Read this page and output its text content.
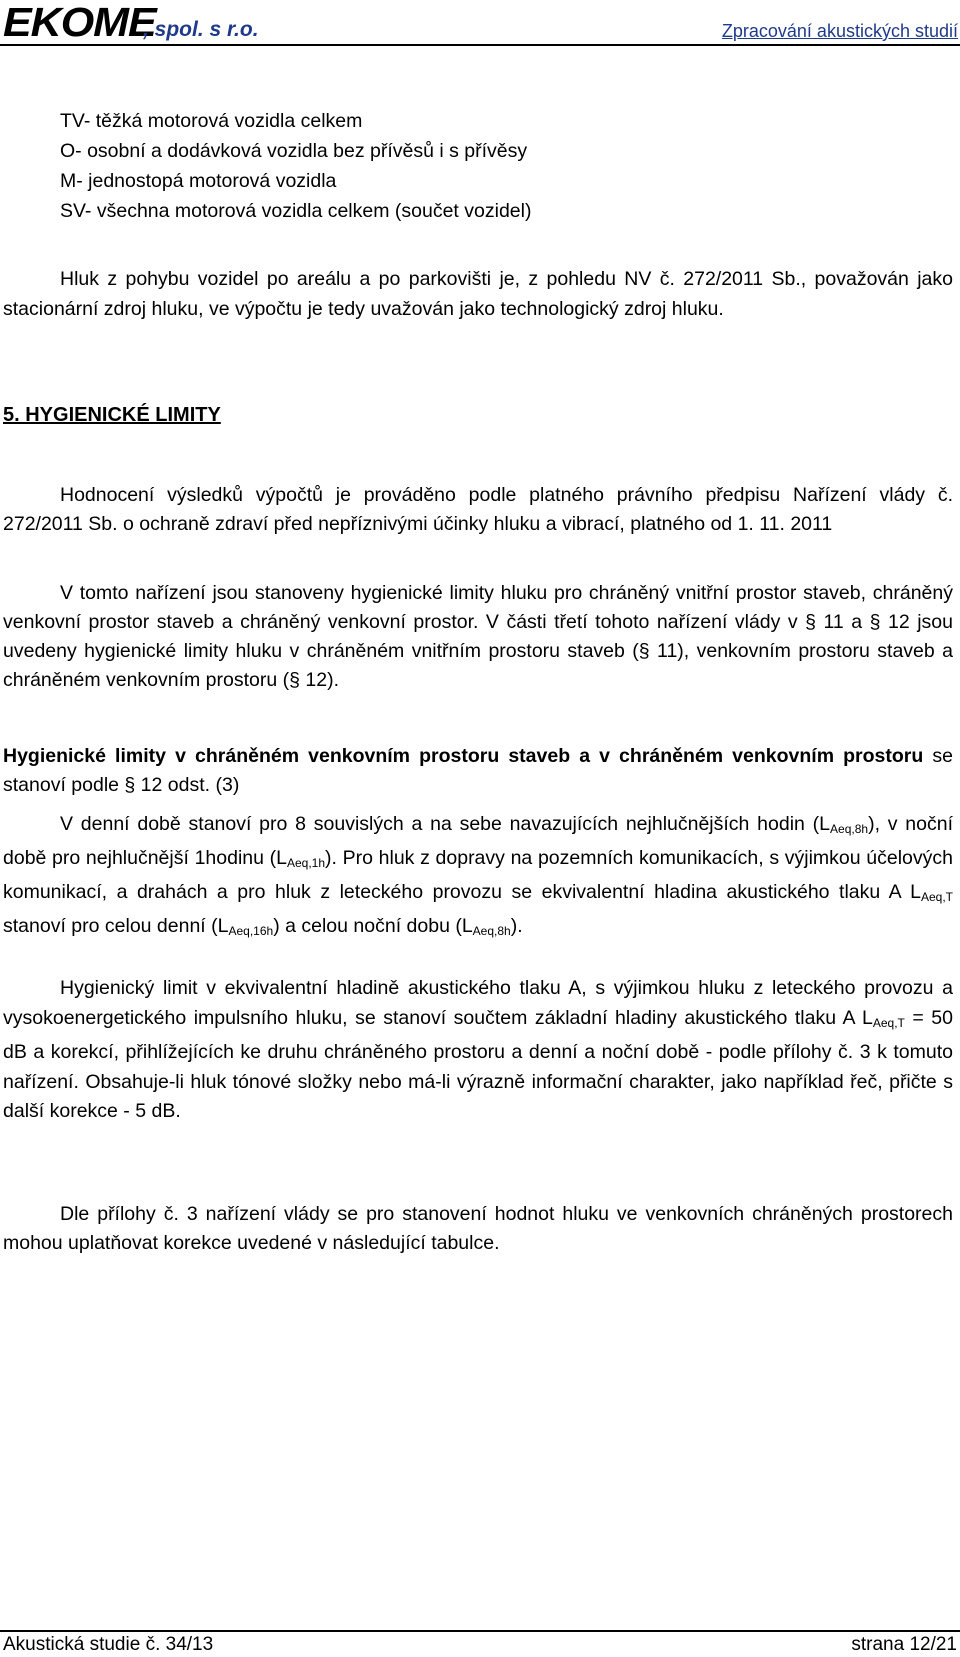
EKOME
, spol. s r.o.	Zpracování akustických studií
TV- těžká motorová vozidla celkem
O- osobní a dodávková vozidla bez přívěsů i s přívěsy
M- jednostopá motorová vozidla
SV- všechna motorová vozidla celkem (součet vozidel)
Hluk z pohybu vozidel po areálu a po parkovišti je, z pohledu NV č. 272/2011 Sb., považován jako stacionární zdroj hluku, ve výpočtu je tedy uvažován jako technologický zdroj hluku.
5. HYGIENICKÉ LIMITY
Hodnocení výsledků výpočtů je prováděno podle platného právního předpisu Nařízení vlády č. 272/2011 Sb. o ochraně zdraví před nepříznivými účinky hluku a vibrací, platného od 1. 11. 2011
V tomto nařízení jsou stanoveny hygienické limity hluku pro chráněný vnitřní prostor staveb, chráněný venkovní prostor staveb a chráněný venkovní prostor. V části třetí tohoto nařízení vlády v § 11 a § 12 jsou uvedeny hygienické limity hluku v chráněném vnitřním prostoru staveb (§ 11), venkovním prostoru staveb a chráněném venkovním prostoru (§ 12).
Hygienické limity v chráněném venkovním prostoru staveb a v chráněném venkovním prostoru se stanoví podle § 12 odst. (3)
V denní době stanoví pro 8 souvislých a na sebe navazujících nejhlučnějších hodin $(L_{Aeq,8h})$, v noční době pro nejhlučnější 1hodinu $(L_{Aeq,1h})$. Pro hluk z dopravy na pozemních komunikacích, s výjimkou účelových komunikací, a drahách a pro hluk z leteckého provozu se ekvivalentní hladina akustického tlaku A $L_{Aeq,T}$ stanoví pro celou denní $(L_{Aeq,16h})$ a celou noční dobu $(L_{Aeq,8h})$.
Hygienický limit v ekvivalentní hladině akustického tlaku A, s výjimkou hluku z leteckého provozu a vysokoenergetického impulsního hluku, se stanoví součtem základní hladiny akustického tlaku A $L_{Aeq,T} = 50$ dB a korekcí, přihlížejících ke druhu chráněného prostoru a denní a noční době - podle přílohy č. 3 k tomuto nařízení. Obsahuje-li hluk tónové složky nebo má-li výrazně informační charakter, jako například řeč, přičte s další korekce - 5 dB.
Dle přílohy č. 3 nařízení vlády se pro stanovení hodnot hluku ve venkovních chráněných prostorech mohou uplatňovat korekce uvedené v následující tabulce.
Akustická studie č. 34/13	strana 12/21
